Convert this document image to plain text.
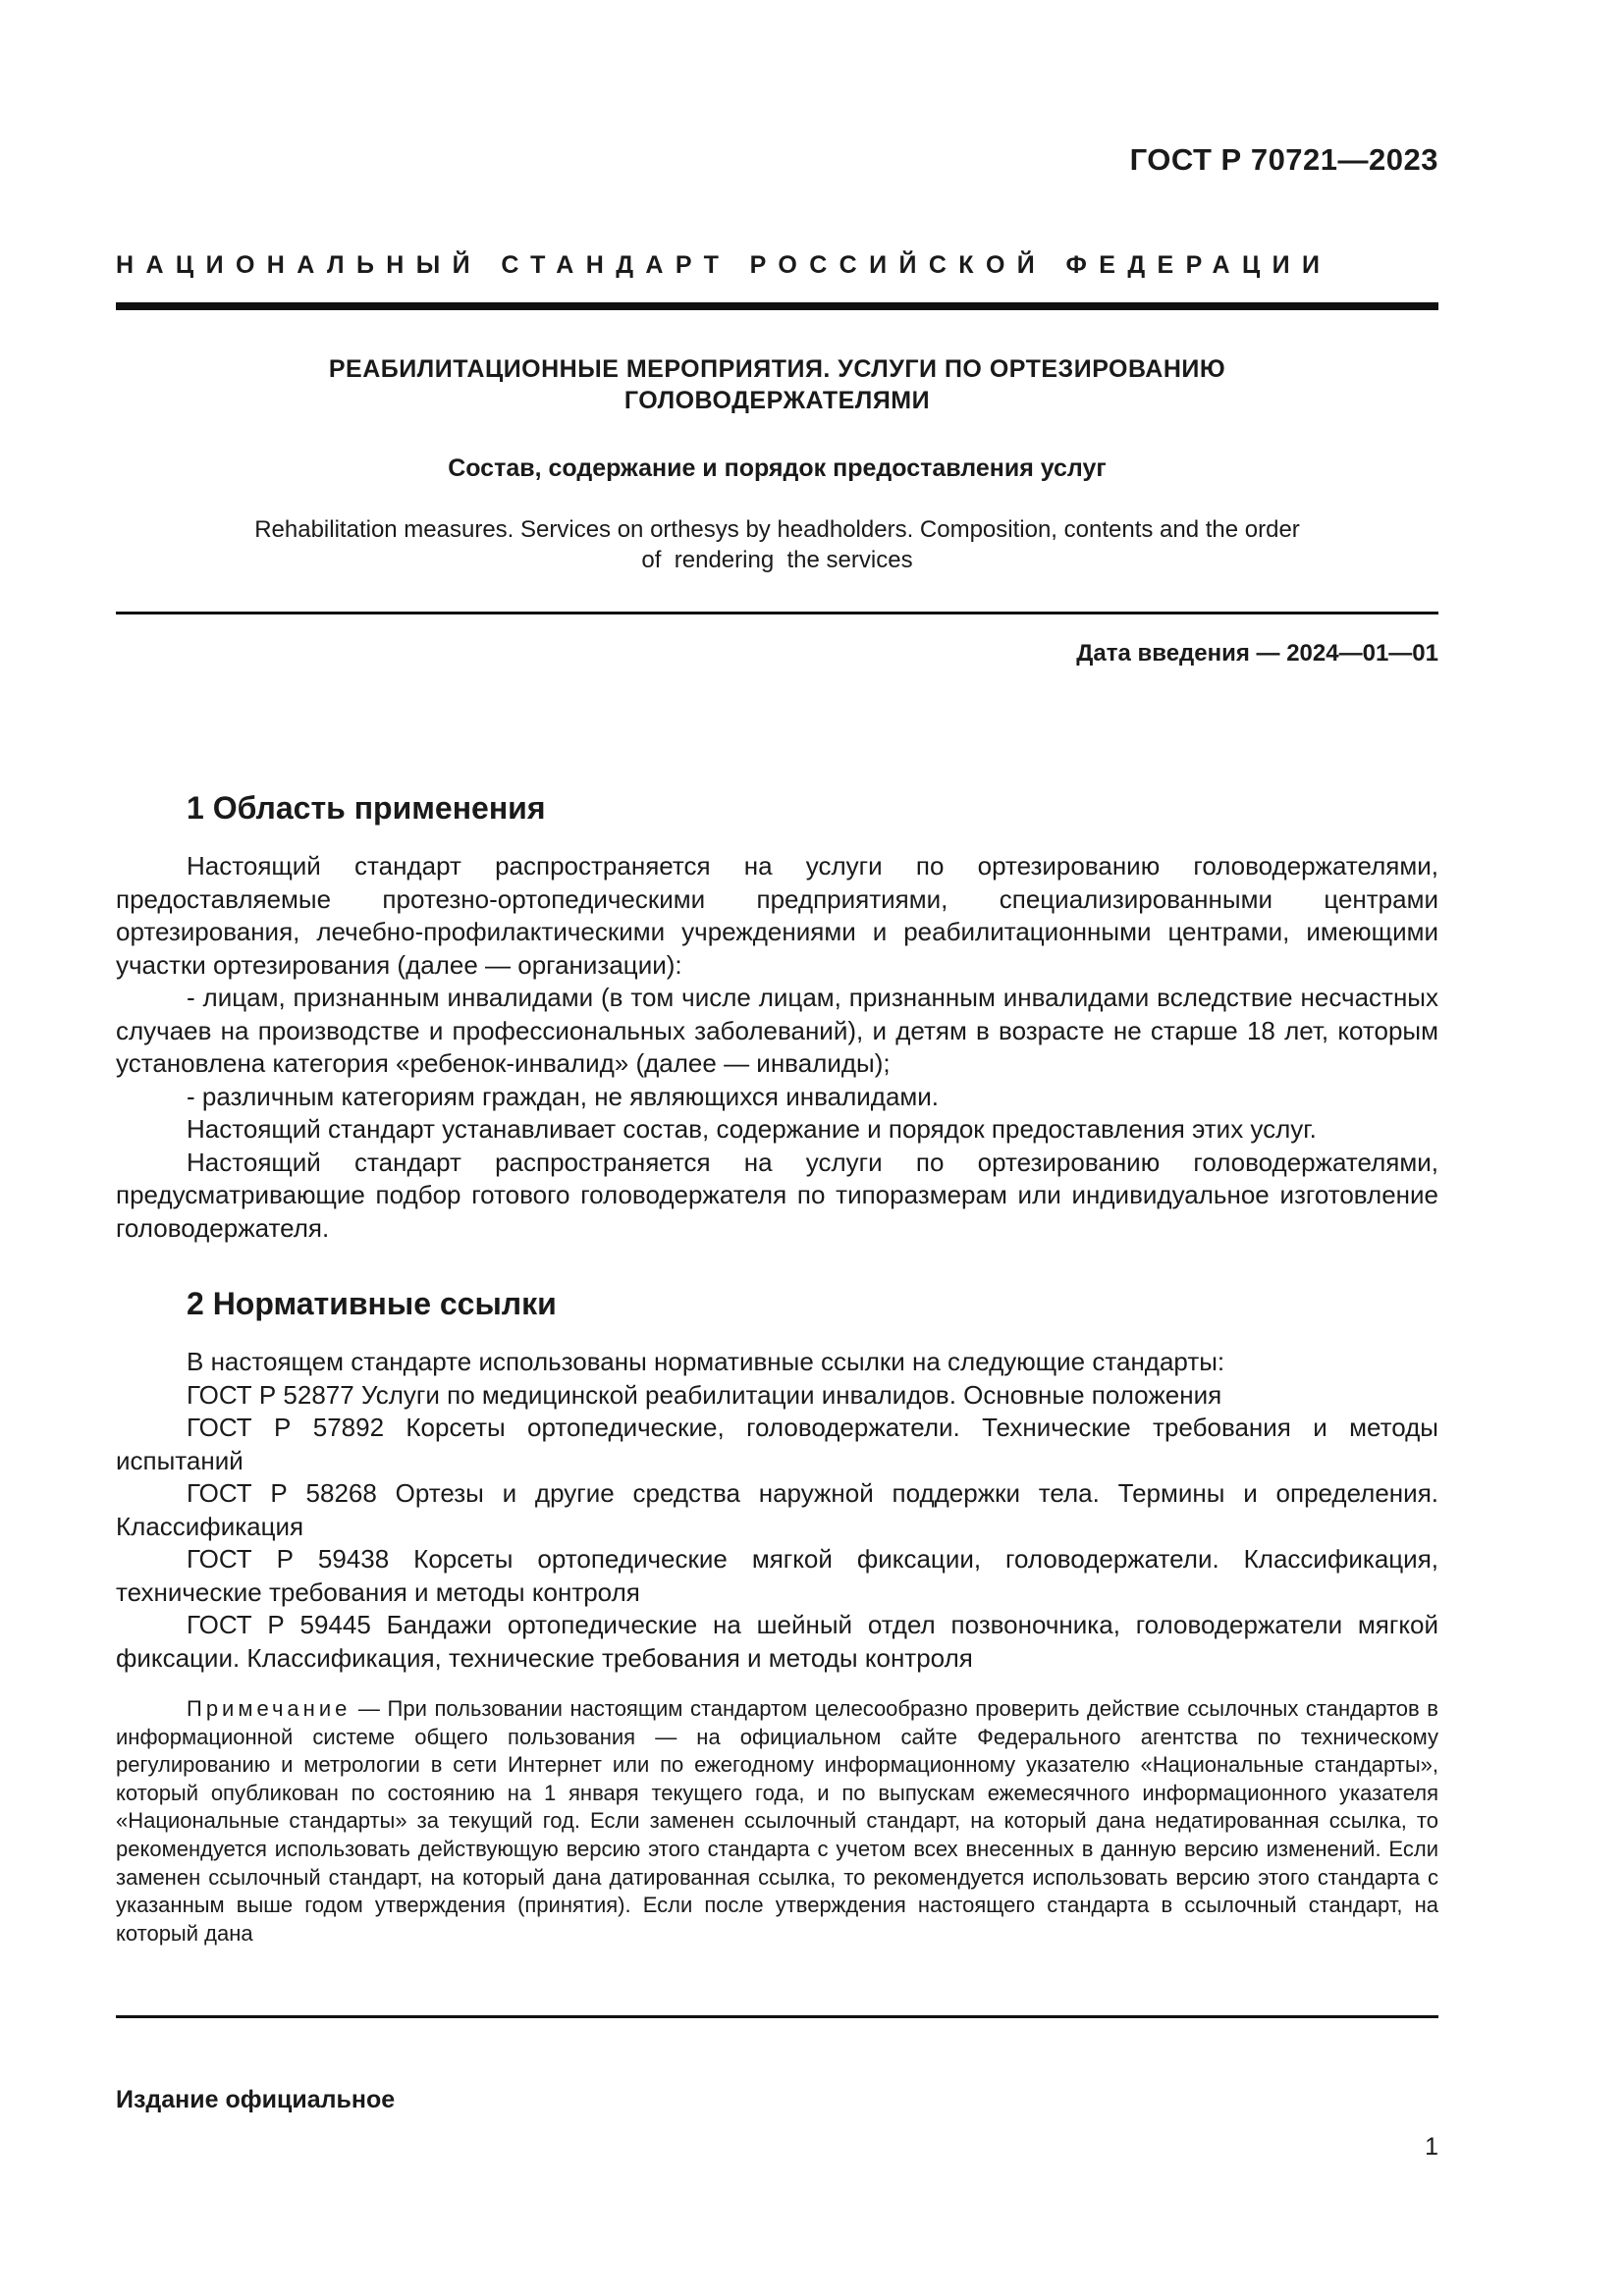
ГОСТ Р 70721—2023
НАЦИОНАЛЬНЫЙ СТАНДАРТ РОССИЙСКОЙ ФЕДЕРАЦИИ
РЕАБИЛИТАЦИОННЫЕ МЕРОПРИЯТИЯ. УСЛУГИ ПО ОРТЕЗИРОВАНИЮ
ГОЛОВОДЕРЖАТЕЛЯМИ
Состав, содержание и порядок предоставления услуг
Rehabilitation measures. Services on orthesys by headholders. Composition, contents and the order
of  rendering  the services
Дата введения — 2024—01—01
1 Область применения

Настоящий стандарт распространяется на услуги по ортезированию головодержателями, предоставляемые протезно-ортопедическими предприятиями, специализированными центрами ортезирования, лечебно-профилактическими учреждениями и реабилитационными центрами, имеющими участки ортезирования (далее — организации):

- лицам, признанным инвалидами (в том числе лицам, признанным инвалидами вследствие несчастных случаев на производстве и профессиональных заболеваний), и детям в возрасте не старше 18 лет, которым установлена категория «ребенок-инвалид» (далее — инвалиды);

- различным категориям граждан, не являющихся инвалидами.

Настоящий стандарт устанавливает состав, содержание и порядок предоставления этих услуг.

Настоящий стандарт распространяется на услуги по ортезированию головодержателями, предусматривающие подбор готового головодержателя по типоразмерам или индивидуальное изготовление головодержателя.

2 Нормативные ссылки

В настоящем стандарте использованы нормативные ссылки на следующие стандарты:

ГОСТ Р 52877 Услуги по медицинской реабилитации инвалидов. Основные положения

ГОСТ Р 57892 Корсеты ортопедические, головодержатели. Технические требования и методы испытаний

ГОСТ Р 58268 Ортезы и другие средства наружной поддержки тела. Термины и определения. Классификация

ГОСТ Р 59438 Корсеты ортопедические мягкой фиксации, головодержатели. Классификация, технические требования и методы контроля

ГОСТ Р 59445 Бандажи ортопедические на шейный отдел позвоночника, головодержатели мягкой фиксации. Классификация, технические требования и методы контроля

Примечание — При пользовании настоящим стандартом целесообразно проверить действие ссылочных стандартов в информационной системе общего пользования — на официальном сайте Федерального агентства по техническому регулированию и метрологии в сети Интернет или по ежегодному информационному указателю «Национальные стандарты», который опубликован по состоянию на 1 января текущего года, и по выпускам ежемесячного информационного указателя «Национальные стандарты» за текущий год. Если заменен ссылочный стандарт, на который дана недатированная ссылка, то рекомендуется использовать действующую версию этого стандарта с учетом всех внесенных в данную версию изменений. Если заменен ссылочный стандарт, на который дана датированная ссылка, то рекомендуется использовать версию этого стандарта с указанным выше годом утверждения (принятия). Если после утверждения настоящего стандарта в ссылочный стандарт, на который дана

Издание официальное
1
